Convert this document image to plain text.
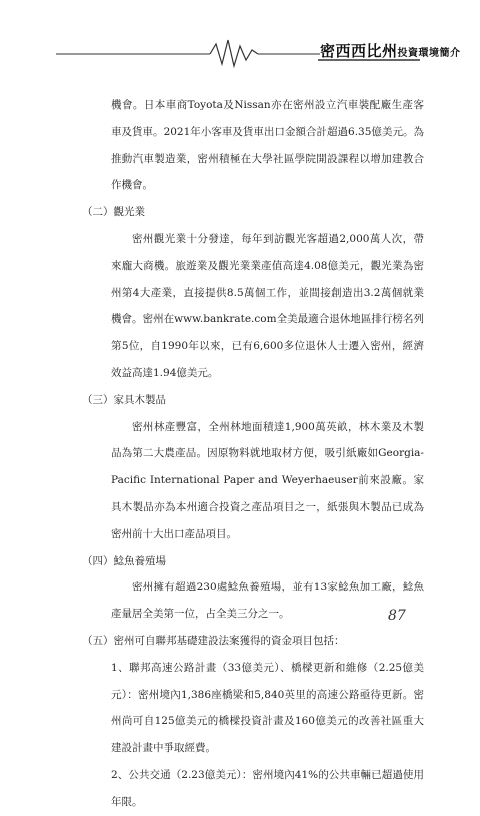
密西西比州投資環境簡介

機會。日本車商Toyota及Nissan亦在密州設立汽車裝配廠生產客車及貨車。2021年小客車及貨車出口金額合計超過6.35億美元。為推動汽車製造業，密州積極在大學社區學院開設課程以增加建教合作機會。

（二）觀光業

密州觀光業十分發達，每年到訪觀光客超過2,000萬人次，帶來龐大商機。旅遊業及觀光業業產值高達4.08億美元，觀光業為密州第4大產業，直接提供8.5萬個工作，並間接創造出3.2萬個就業機會。密州在www.bankrate.com全美最適合退休地區排行榜名列第5位，自1990年以來，已有6,600多位退休人士遷入密州，經濟效益高達1.94億美元。

（三）家具木製品

密州林產豐富，全州林地面積達1,900萬英畝，林木業及木製品為第二大農產品。因原物料就地取材方便，吸引紙廠如Georgia-Pacific International Paper and Weyerhaeuser前來設廠。家具木製品亦為本州適合投資之產品項目之一，紙張與木製品已成為密州前十大出口產品項目。

（四）鯰魚養殖場

密州擁有超過230處鯰魚養殖場，並有13家鯰魚加工廠，鯰魚產量居全美第一位，占全美三分之一。

（五）密州可自聯邦基礎建設法案獲得的資金項目包括：

1、聯邦高速公路計畫（33億美元）、橋樑更新和維修（2.25億美元）：密州境內1,386座橋梁和5,840英里的高速公路亟待更新。密州尚可自125億美元的橋樑投資計畫及160億美元的改善社區重大建設計畫中爭取經費。

2、公共交通（2.23億美元）：密州境內41%的公共車輛已超過使用年限。

87
